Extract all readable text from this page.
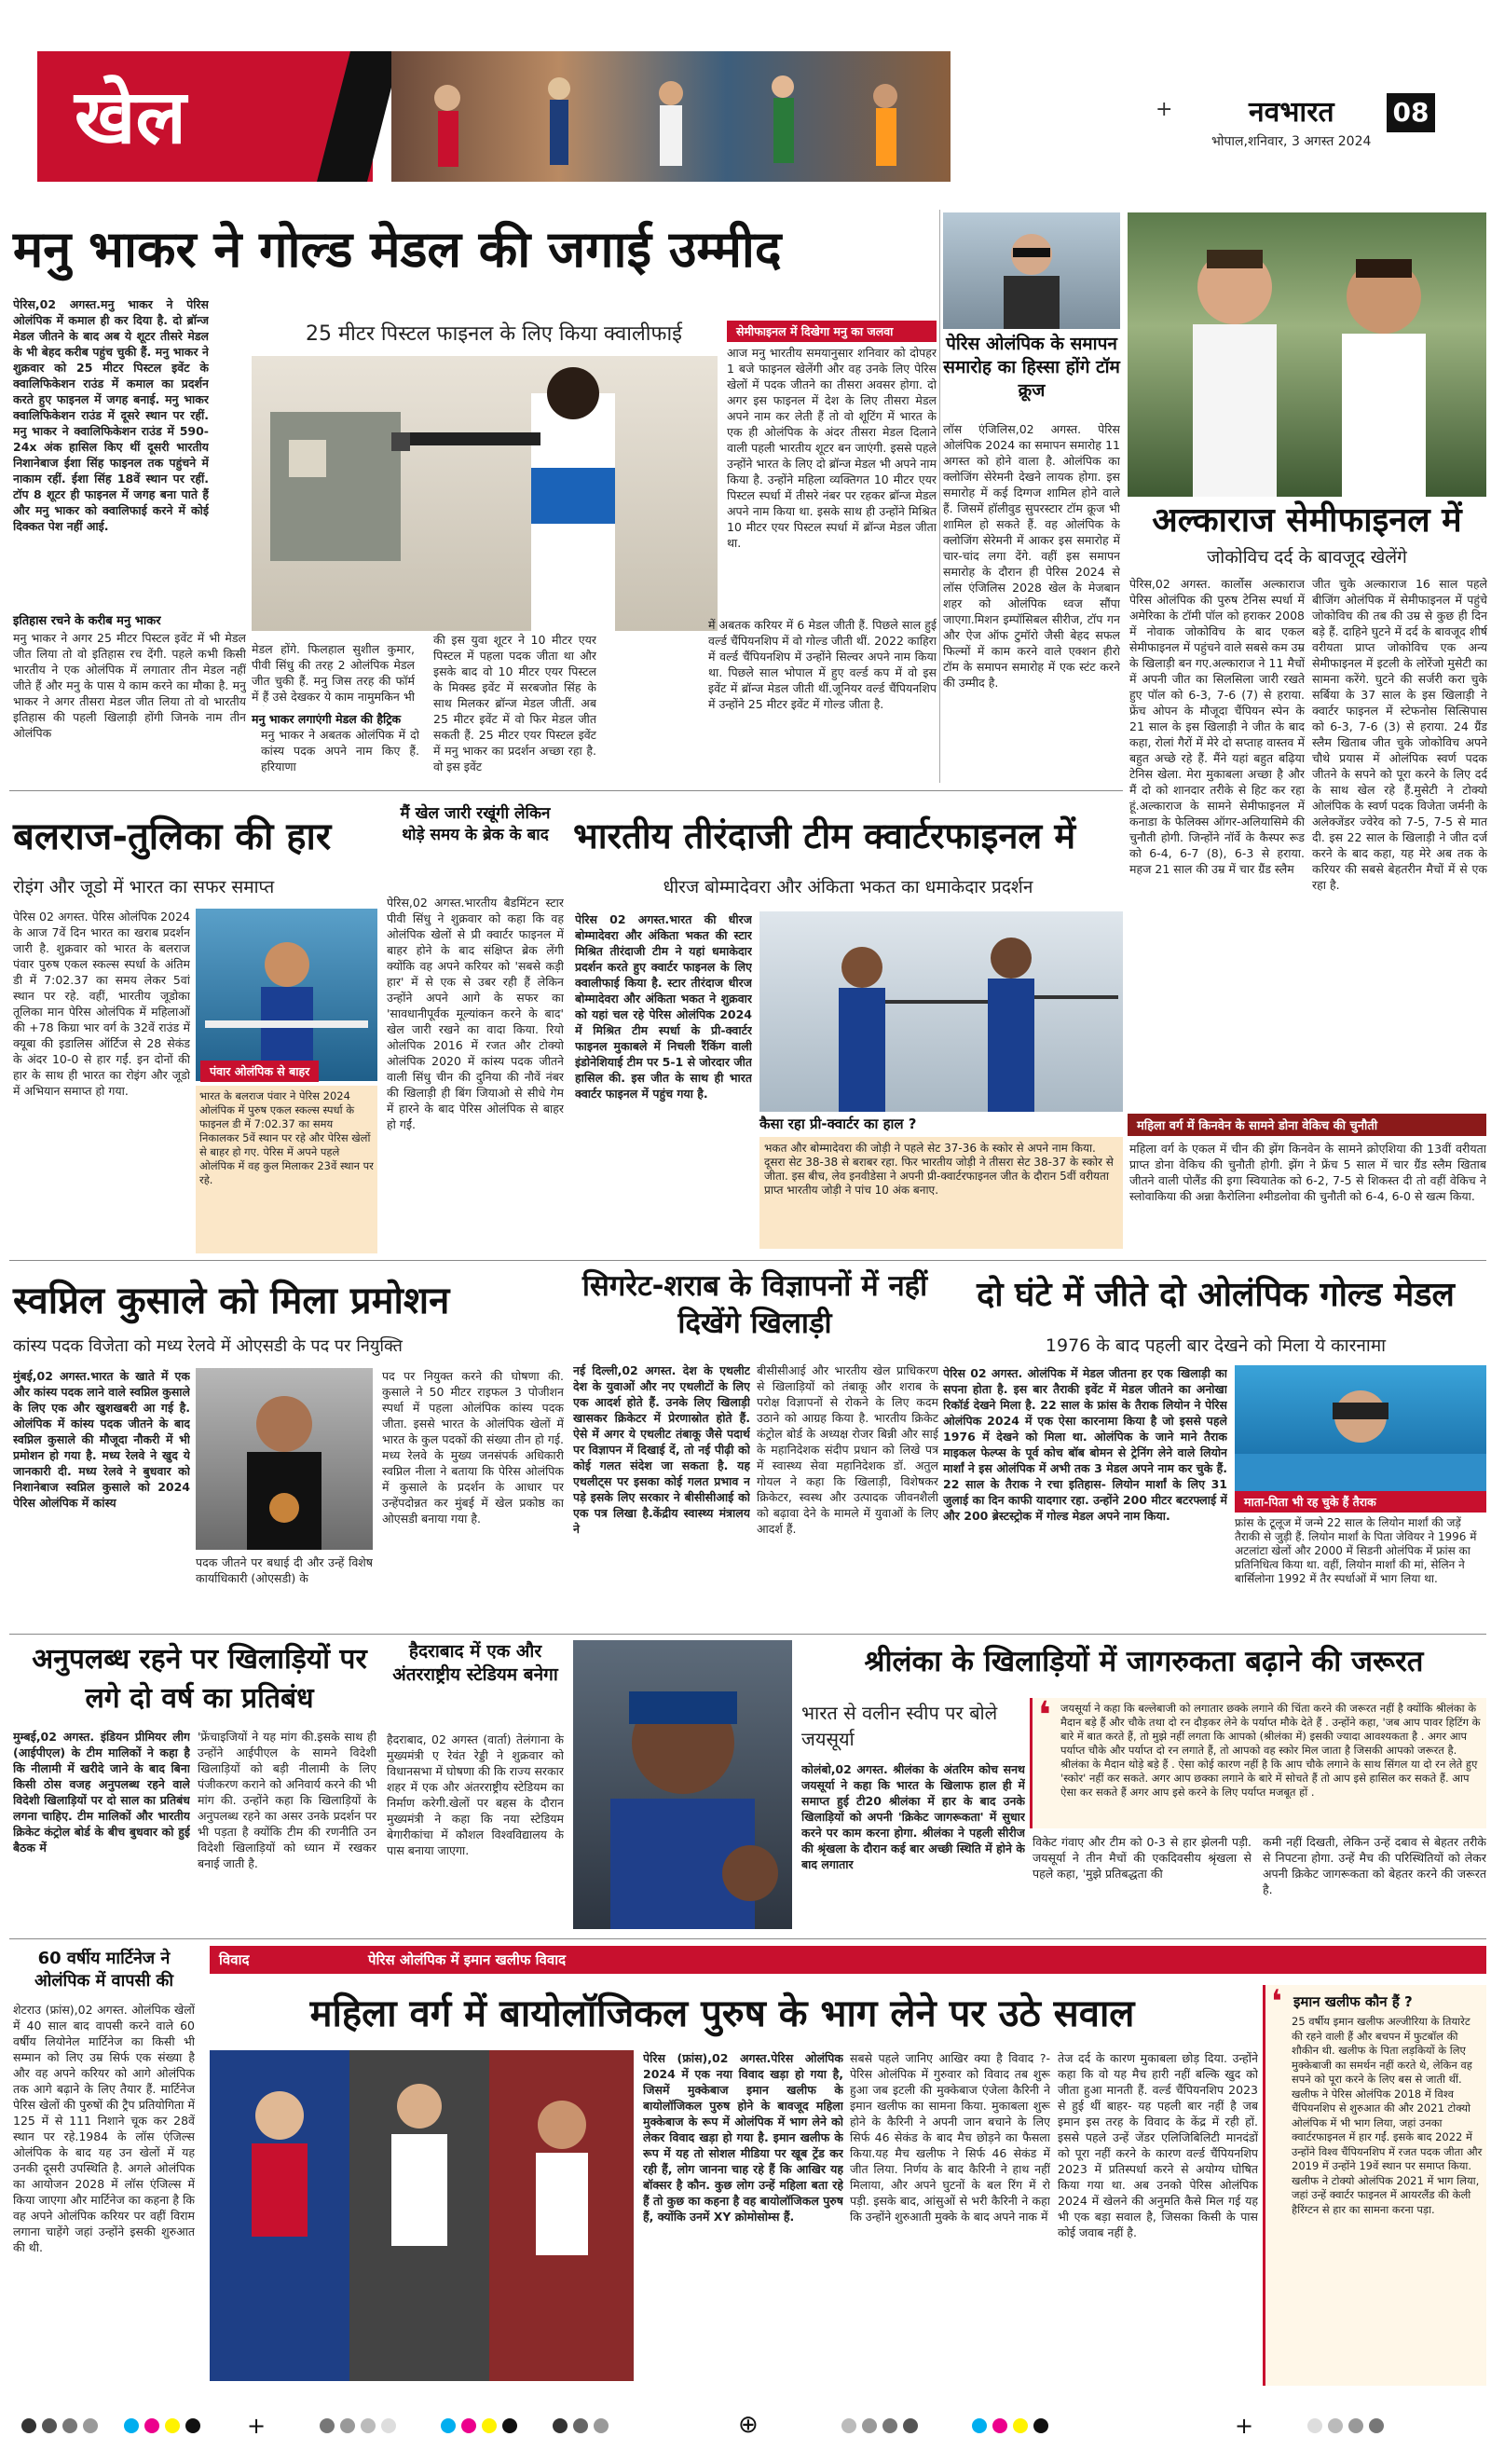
खेल	+	नवभारत 08
भोपाल,शनिवार, 3 अगस्त 2024
मनु भाकर ने गोल्ड मेडल की जगाई उम्मीद
पेरिस,02 अगस्त.मनु भाकर ने पेरिस ओलंपिक में कमाल ही कर दिया है. दो ब्रॉन्ज मेडल जीतने के बाद अब ये शूटर तीसरे मेडल के भी बेहद करीब पहुंच चुकी हैं. मनु भाकर ने शुक्रवार को 25 मीटर पिस्टल इवेंट के क्वालिफिकेशन राउंड में कमाल का प्रदर्शन करते हुए फाइनल में जगह बनाई. मनु भाकर क्वालिफिकेशन राउंड में दूसरे स्थान पर रहीं. मनु भाकर ने क्वालिफिकेशन राउंड में 590-24x अंक हासिल किए थीं दूसरी भारतीय निशानेबाज ईशा सिंह फाइनल तक पहुंचने में नाकाम रहीं. ईशा सिंह 18वें स्थान पर रहीं. टॉप 8 शूटर ही फाइनल में जगह बना पाते हैं और मनु भाकर को क्वालिफाई करने में कोई दिक्कत पेश नहीं आई.
इतिहास रचने के करीब मनु भाकर
मनु भाकर ने अगर 25 मीटर पिस्टल इवेंट में भी मेडल जीत लिया तो वो इतिहास रच देंगी. पहले कभी किसी भारतीय ने एक ओलंपिक में लगातार तीन मेडल नहीं जीते हैं और मनु के पास ये काम करने का मौका है. मनु भाकर ने अगर तीसरा मेडल जीत लिया तो वो भारतीय इतिहास की पहली खिलाड़ी होंगी जिनके नाम तीन ओलंपिक
25 मीटर पिस्टल फाइनल के लिए किया क्वालीफाई
मेडल होंगे. फिलहाल सुशील कुमार, पीवी सिंधु की तरह 2 ओलंपिक मेडल जीत चुकी हैं. मनु जिस तरह की फॉर्म में हैं उसे देखकर ये काम नामुमकिन भी
मनु भाकर लगाएंगी मेडल की हैट्रिक
मनु भाकर ने अबतक ओलंपिक में दो कांस्य पदक अपने नाम किए हैं. हरियाणा
की इस युवा शूटर ने 10 मीटर एयर पिस्टल में पहला पदक जीता था और इसके बाद वो 10 मीटर एयर पिस्टल के मिक्स्ड इवेंट में सरबजोत सिंह के साथ मिलकर ब्रॉन्ज मेडल जीतीं. अब 25 मीटर इवेंट में वो फिर मेडल जीत सकती हैं. 25 मीटर एयर पिस्टल इवेंट में मनु भाकर का प्रदर्शन अच्छा रहा है. वो इस इवेंट
में अबतक करियर में 6 मेडल जीती हैं. पिछले साल हुई वर्ल्ड चैंपियनशिप में वो गोल्ड जीती थीं. 2022 काहिरा में वर्ल्ड चैंपियनशिप में उन्होंने सिल्वर अपने नाम किया था. पिछले साल भोपाल में हुए वर्ल्ड कप में वो इस इवेंट में ब्रॉन्ज मेडल जीती थीं.जूनियर वर्ल्ड चैंपियनशिप में उन्होंने 25 मीटर इवेंट में गोल्ड जीता है.
सेमीफाइनल में दिखेगा मनु का जलवा
आज मनु भारतीय समयानुसार शनिवार को दोपहर 1 बजे फाइनल खेलेंगी और वह उनके लिए पेरिस खेलों में पदक जीतने का तीसरा अवसर होगा. दो अगर इस फाइनल में देश के लिए तीसरा मेडल अपने नाम कर लेती हैं तो वो शूटिंग में भारत के एक ही ओलंपिक के अंदर तीसरा मेडल दिलाने वाली पहली भारतीय शूटर बन जाएंगी. इससे पहले उन्होंने भारत के लिए दो ब्रॉन्ज मेडल भी अपने नाम किया है. उन्होंने महिला व्यक्तिगत 10 मीटर एयर पिस्टल स्पर्धा में तीसरे नंबर पर रहकर ब्रॉन्ज मेडल अपने नाम किया था. इसके साथ ही उन्होंने मिश्रित 10 मीटर एयर पिस्टल स्पर्धा में ब्रॉन्ज मेडल जीता था.
पेरिस ओलंपिक के समापन समारोह का हिस्सा होंगे टॉम क्रूज
लॉस एंजिलिस,02 अगस्त. पेरिस ओलंपिक 2024 का समापन समारोह 11 अगस्त को होने वाला है. ओलंपिक का क्लोजिंग सेरेमनी देखने लायक होगा. इस समारोह में कई दिग्गज शामिल होने वाले हैं. जिसमें हॉलीवुड सुपरस्टार टॉम क्रूज भी शामिल हो सकते हैं. वह ओलंपिक के क्लोजिंग सेरेमनी में आकर इस समारोह में चार-चांद लगा देंगे. वहीं इस समापन समारोह के दौरान ही पेरिस 2024 से लॉस एंजिलिस 2028 खेल के मेजबान शहर को ओलंपिक ध्वज सौंपा जाएगा.मिशन इम्पॉसिबल सीरीज, टॉप गन और ऐज ऑफ टुमॉरो जैसी बेहद सफल फिल्मों में काम करने वाले एक्शन हीरो टॉम के समापन समारोह में एक स्टंट करने की उम्मीद है.
अल्काराज सेमीफाइनल में
जोकोविच दर्द के बावजूद खेलेंगे
पेरिस,02 अगस्त. कार्लोस अल्काराज पेरिस ओलंपिक की पुरुष टेनिस स्पर्धा में अमेरिका के टॉमी पॉल को हराकर 2008 में नोवाक जोकोविच के बाद एकल सेमीफाइनल में पहुंचने वाले सबसे कम उम्र के खिलाड़ी बन गए.अल्काराज ने 11 मैचों में अपनी जीत का सिलसिला जारी रखते हुए पॉल को 6-3, 7-6 (7) से हराया. फ्रेंच ओपन के मौजूदा चैंपियन स्पेन के 21 साल के इस खिलाड़ी ने जीत के बाद कहा, रोलां गैरों में मेरे दो सप्ताह वास्तव में बहुत अच्छे रहे हैं. मैंने यहां बहुत बढ़िया टेनिस खेला. मेरा मुकाबला अच्छा है और मैं दो को शानदार तरीके से हिट कर रहा हूं.अल्काराज के सामने सेमीफाइनल में कनाडा के फेलिक्स ऑगर-अलियासिमे की चुनौती होगी. जिन्होंने नॉर्वे के कैस्पर रूड को 6-4, 6-7 (8), 6-3 से हराया. महज 21 साल की उम्र में चार ग्रैंड स्लैम
जीत चुके अल्काराज 16 साल पहले बीजिंग ओलंपिक में सेमीफाइनल में पहुंचे जोकोविच की तब की उम्र से कुछ ही दिन बड़े हैं. दाहिने घुटने में दर्द के बावजूद शीर्ष वरीयता प्राप्त जोकोविच एक अन्य सेमीफाइनल में इटली के लोरेंजो मुसेटी का सामना करेंगे. घुटने की सर्जरी करा चुके सर्बिया के 37 साल के इस खिलाड़ी ने क्वार्टर फाइनल में स्टेफनोस सित्सिपास को 6-3, 7-6 (3) से हराया. 24 ग्रैंड स्लैम खिताब जीत चुके जोकोविच अपने चौथे प्रयास में ओलंपिक स्वर्ण पदक जीतने के सपने को पूरा करने के लिए दर्द के साथ खेल रहे हैं.मुसेटी ने टोक्यो ओलंपिक के स्वर्ण पदक विजेता जर्मनी के अलेक्जेंडर ज्वेरेव को 7-5, 7-5 से मात दी. इस 22 साल के खिलाड़ी ने जीत दर्ज करने के बाद कहा, यह मेरे अब तक के करियर की सबसे बेहतरीन मैचों में से एक रहा है.
महिला वर्ग में किनवेन के सामने डोना वेकिच की चुनौती
महिला वर्ग के एकल में चीन की झेंग किनवेन के सामने क्रोएशिया की 13वीं वरीयता प्राप्त डोना वेकिच की चुनौती होगी. झेंग ने फ्रेंच 5 साल में चार ग्रैंड स्लैम खिताब जीतने वाली पोलैंड की इगा स्वियातेक को 6-2, 7-5 से शिकस्त दी तो वहीं वेकिच ने स्लोवाकिया की अन्ना कैरोलिना श्मीडलोवा की चुनौती को 6-4, 6-0 से खत्म किया.
बलराज-तुलिका की हार
रोइंग और जूडो में भारत का सफर समाप्त
पेरिस 02 अगस्त. पेरिस ओलंपिक 2024 के आज 7वें दिन भारत का खराब प्रदर्शन जारी है. शुक्रवार को भारत के बलराज पंवार पुरुष एकल स्कल्स स्पर्धा के अंतिम डी में 7:02.37 का समय लेकर 5वां स्थान पर रहे. वहीं, भारतीय जूडोका तूलिका मान पेरिस ओलंपिक में महिलाओं की +78 किग्रा भार वर्ग के 32वें राउंड में क्यूबा की इडालिस ऑर्टिज से 28 सेकंड के अंदर 10-0 से हार गईं. इन दोनों की हार के साथ ही भारत का रोइंग और जूडो में अभियान समाप्त हो गया.
पंवार ओलंपिक से बाहर
भारत के बलराज पंवार ने पेरिस 2024 ओलंपिक में पुरुष एकल स्कल्स स्पर्धा के फाइनल डी में 7:02.37 का समय निकालकर 5वें स्थान पर रहे और पेरिस खेलों से बाहर हो गए. पेरिस में अपने पहले ओलंपिक में वह कुल मिलाकर 23वें स्थान पर रहे.
मैं खेल जारी रखूंगी लेकिन थोड़े समय के ब्रेक के बाद
पेरिस,02 अगस्त.भारतीय बैडमिंटन स्टार पीवी सिंधु ने शुक्रवार को कहा कि वह ओलंपिक खेलों से प्री क्वार्टर फाइनल में बाहर होने के बाद संक्षिप्त ब्रेक लेंगी क्योंकि वह अपने करियर को 'सबसे कड़ी हार' में से एक से उबर रही हैं लेकिन उन्होंने अपने आगे के सफर का 'सावधानीपूर्वक मूल्यांकन करने के बाद' खेल जारी रखने का वादा किया. रियो ओलंपिक 2016 में रजत और टोक्यो ओलंपिक 2020 में कांस्य पदक जीतने वाली सिंधु चीन की दुनिया की नौवें नंबर की खिलाड़ी ही बिंग जियाओ से सीधे गेम में हारने के बाद पेरिस ओलंपिक से बाहर हो गईं.
भारतीय तीरंदाजी टीम क्वार्टरफाइनल में
धीरज बोम्मादेवरा और अंकिता भकत का धमाकेदार प्रदर्शन
पेरिस 02 अगस्त.भारत की धीरज बोम्मादेवरा और अंकिता भकत की स्टार मिश्रित तीरंदाजी टीम ने यहां धमाकेदार प्रदर्शन करते हुए क्वार्टर फाइनल के लिए क्वालीफाई किया है. स्टार तीरंदाज धीरज बोम्मादेवरा और अंकिता भकत ने शुक्रवार को यहां चल रहे पेरिस ओलंपिक 2024 में मिश्रित टीम स्पर्धा के प्री-क्वार्टर फाइनल मुकाबले में निचली रैंकिंग वाली इंडोनेशियाई टीम पर 5-1 से जोरदार जीत हासिल की. इस जीत के साथ ही भारत क्वार्टर फाइनल में पहुंच गया है.
कैसा रहा प्री-क्वार्टर का हाल ?
भकत और बोम्मादेवरा की जोड़ी ने पहले सेट 37-36 के स्कोर से अपने नाम किया. दूसरा सेट 38-38 से बराबर रहा. फिर भारतीय जोड़ी ने तीसरा सेट 38-37 के स्कोर से जीता. इस बीच, लेव इनवीडेसा ने अपनी प्री-क्वार्टरफाइनल जीत के दौरान 5वीं वरीयता प्राप्त भारतीय जोड़ी ने पांच 10 अंक बनाए.
स्वप्निल कुसाले को मिला प्रमोशन
कांस्य पदक विजेता को मध्य रेलवे में ओएसडी के पद पर नियुक्ति
मुंबई,02 अगस्त.भारत के खाते में एक और कांस्य पदक लाने वाले स्वप्निल कुसाले के लिए एक और खुशखबरी आ गई है. ओलंपिक में कांस्य पदक जीतने के बाद स्वप्निल कुसाले की मौजूदा नौकरी में भी प्रमोशन हो गया है. मध्य रेलवे ने खुद ये जानकारी दी. मध्य रेलवे ने बुधवार को निशानेबाज स्वप्निल कुसाले को 2024 पेरिस ओलंपिक में कांस्य
पदक जीतने पर बधाई दी और उन्हें विशेष कार्याधिकारी (ओएसडी) के
पद पर नियुक्त करने की घोषणा की. कुसाले ने 50 मीटर राइफल 3 पोजीशन स्पर्धा में पहला ओलंपिक कांस्य पदक जीता. इससे भारत के ओलंपिक खेलों में भारत के कुल पदकों की संख्या तीन हो गई. मध्य रेलवे के मुख्य जनसंपर्क अधिकारी स्वप्निल नीला ने बताया कि पेरिस ओलंपिक में कुसाले के प्रदर्शन के आधार पर उन्हेंपदोन्नत कर मुंबई में खेल प्रकोष्ठ का ओएसडी बनाया गया है.
सिगरेट-शराब के विज्ञापनों में नहीं दिखेंगे खिलाड़ी
नई दिल्ली,02 अगस्त. देश के एथलीट देश के युवाओं और नए एथलीटों के लिए एक आदर्श होते हैं. उनके लिए खिलाड़ी खासकर क्रिकेटर में प्रेरणास्रोत होते हैं. ऐसे में अगर ये एथलीट तंबाकू जैसे पदार्थ पर विज्ञापन में दिखाई दें, तो नई पीढ़ी को कोई गलत संदेश जा सकता है. यह एथलीट्स पर इसका कोई गलत प्रभाव न पड़े इसके लिए सरकार ने बीसीसीआई को एक पत्र लिखा है.केंद्रीय स्वास्थ्य मंत्रालय ने
बीसीसीआई और भारतीय खेल प्राधिकरण से खिलाड़ियों को तंबाकू और शराब के परोक्ष विज्ञापनों से रोकने के लिए कदम उठाने को आग्रह किया है. भारतीय क्रिकेट कंट्रोल बोर्ड के अध्यक्ष रोजर बिन्नी और साई के महानिदेशक संदीप प्रधान को लिखे पत्र में स्वास्थ्य सेवा महानिदेशक डॉ. अतुल गोयल ने कहा कि खिलाड़ी, विशेषकर क्रिकेटर, स्वस्थ और उत्पादक जीवनशैली को बढ़ावा देने के मामले में युवाओं के लिए आदर्श हैं.
दो घंटे में जीते दो ओलंपिक गोल्ड मेडल
1976 के बाद पहली बार देखने को मिला ये कारनामा
पेरिस 02 अगस्त. ओलंपिक में मेडल जीतना हर एक खिलाड़ी का सपना होता है. इस बार तैराकी इवेंट में मेडल जीतने का अनोखा रिकॉर्ड देखने मिला है. 22 साल के फ्रांस के तैराक लियोन ने पेरिस ओलंपिक 2024 में एक ऐसा कारनामा किया है जो इससे पहले 1976 में देखने को मिला था. ओलंपिक के जाने माने तैराक माइकल फेल्प्स के पूर्व कोच बॉब बोमन से ट्रेनिंग लेने वाले लियोन मार्शां ने इस ओलंपिक में अभी तक 3 मेडल अपने नाम कर चुके हैं. 22 साल के तैराक ने रचा इतिहास- लियोन मार्शां के लिए 31 जुलाई का दिन काफी यादगार रहा. उन्होंने 200 मीटर बटरफ्लाई में और 200 ब्रेस्टस्ट्रोक में गोल्ड मेडल अपने नाम किया.
माता-पिता भी रह चुके हैं तैराक
फ्रांस के टूलूज में जन्मे 22 साल के लियोन मार्शां की जड़ें तैराकी से जुड़ी हैं. लियोन मार्शां के पिता जेवियर ने 1996 में अटलांटा खेलों और 2000 में सिडनी ओलंपिक में फ्रांस का प्रतिनिधित्व किया था. वहीं, लियोन मार्शां की मां, सेलिन ने बार्सिलोना 1992 में तैर स्पर्धाओं में भाग लिया था.
अनुपलब्ध रहने पर खिलाड़ियों पर लगे दो वर्ष का प्रतिबंध
मुम्बई,02 अगस्त. इंडियन प्रीमियर लीग (आईपीएल) के टीम मालिकों ने कहा है कि नीलामी में खरीदे जाने के बाद बिना किसी ठोस वजह अनुपलब्ध रहने वाले विदेशी खिलाड़ियों पर दो साल का प्रतिबंध लगना चाहिए. टीम मालिकों और भारतीय क्रिकेट कंट्रोल बोर्ड के बीच बुधवार को हुई बैठक में
'फ्रेंचाइजियों ने यह मांग की.इसके साथ ही उन्होंने आईपीएल के सामने विदेशी खिलाड़ियों को बड़ी नीलामी के लिए पंजीकरण कराने को अनिवार्य करने की भी मांग की. उन्होंने कहा कि खिलाड़ियों के अनुपलब्ध रहने का असर उनके प्रदर्शन पर भी पड़ता है क्योंकि टीम की रणनीति उन विदेशी खिलाड़ियों को ध्यान में रखकर बनाई जाती है.
हैदराबाद में एक और अंतरराष्ट्रीय स्टेडियम बनेगा
हैदराबाद, 02 अगस्त (वार्ता) तेलंगाना के मुख्यमंत्री ए रेवंत रेड्डी ने शुक्रवार को विधानसभा में घोषणा की कि राज्य सरकार शहर में एक और अंतरराष्ट्रीय स्टेडियम का निर्माण करेगी.खेलों पर बहस के दौरान मुख्यमंत्री ने कहा कि नया स्टेडियम बेगारीकांचा में कौशल विश्वविद्यालय के पास बनाया जाएगा.
श्रीलंका के खिलाड़ियों में जागरुकता बढ़ाने की जरूरत
भारत से वलीन स्वीप पर बोले जयसूर्या
कोलंबो,02 अगस्त. श्रीलंका के अंतरिम कोच सनथ जयसूर्या ने कहा कि भारत के खिलाफ हाल ही में समाप्त हुई टी20 श्रीलंका में हार के बाद उनके खिलाड़ियों को अपनी 'क्रिकेट जागरूकता' में सुधार करने पर काम करना होगा. श्रीलंका ने पहली सीरीज की श्रृंखला के दौरान कई बार अच्छी स्थिति में होने के बाद लगातार
❛ जयसूर्या ने कहा कि बल्लेबाजी को लगातार छक्के लगाने की चिंता करने की जरूरत नहीं है क्योंकि श्रीलंका के मैदान बड़े हैं और चौके तथा दो रन दौड़कर लेने के पर्याप्त मौके देते हैं . उन्होंने कहा, 'जब आप पावर हिटिंग के बारे में बात करते हैं, तो मुझे नहीं लगता कि आपको (श्रीलंका में) इसकी ज्यादा आवश्यकता है . अगर आप पर्याप्त चौके और पर्याप्त दो रन लगाते हैं, तो आपको वह स्कोर मिल जाता है जिसकी आपको जरूरत है. श्रीलंका के मैदान थोड़े बड़े हैं . ऐसा कोई कारण नहीं है कि आप चौके लगाने के साथ सिंगल या दो रन लेते हुए 'स्कोर' नहीं कर सकते. अगर आप छक्का लगाने के बारे में सोचते हैं तो आप इसे हासिल कर सकते हैं. आप ऐसा कर सकते हैं अगर आप इसे करने के लिए पर्याप्त मजबूत हों .
विकेट गंवाए और टीम को 0-3 से हार झेलनी पड़ी. जयसूर्या ने तीन मैचों की एकदिवसीय श्रृंखला से पहले कहा, 'मुझे प्रतिबद्धता की
कमी नहीं दिखती, लेकिन उन्हें दबाव से बेहतर तरीके से निपटना होगा. उन्हें मैच की परिस्थितियों को लेकर अपनी क्रिकेट जागरूकता को बेहतर करने की जरूरत है.
60 वर्षीय मार्टिनेज ने ओलंपिक में वापसी की
शेटराउ (फ्रांस),02 अगस्त. ओलंपिक खेलों में 40 साल बाद वापसी करने वाले 60 वर्षीय लियोनेल मार्टिनेज का किसी भी सम्मान को लिए उम्र सिर्फ एक संख्या है और वह अपने करियर को आगे ओलंपिक तक आगे बढ़ाने के लिए तैयार हैं. मार्टिनेज पेरिस खेलों की पुरुषों की ट्रैप प्रतियोगिता में 125 में से 111 निशाने चूक कर 28वें स्थान पर रहे.1984 के लॉस एंजिल्स ओलंपिक के बाद यह उन खेलों में यह उनकी दूसरी उपस्थिति है. अगले ओलंपिक का आयोजन 2028 में लॉस एंजिल्स में किया जाएगा और मार्टिनेज का कहना है कि वह अपने ओलंपिक करियर पर वहीं विराम लगाना चाहेंगे जहां उन्होंने इसकी शुरुआत की थी.
विवाद	पेरिस ओलंपिक में इमान खलीफ विवाद
महिला वर्ग में बायोलॉजिकल पुरुष के भाग लेने पर उठे सवाल
पेरिस (फ्रांस),02 अगस्त.पेरिस ओलंपिक 2024 में एक नया विवाद खड़ा हो गया है, जिसमें मुक्केबाज इमान खलीफ के बायोलॉजिकल पुरुष होने के बावजूद महिला मुक्केबाज के रूप में ओलंपिक में भाग लेने को लेकर विवाद खड़ा हो गया है. इमान खलीफ के रूप में यह तो सोशल मीडिया पर खूब ट्रेंड कर रही हैं, लोग जानना चाह रहे हैं कि आखिर यह बॉक्सर है कौन. कुछ लोग उन्हें महिला बता रहे हैं तो कुछ का कहना है वह बायोलॉजिकल पुरुष हैं, क्योंकि उनमें XY क्रोमोसोम्स हैं.
सबसे पहले जानिए आखिर क्या है विवाद ?- पेरिस ओलंपिक में गुरुवार को विवाद तब शुरू हुआ जब इटली की मुक्केबाज एंजेला कैरिनी ने इमान खलीफ का सामना किया. मुकाबला शुरू होने के कैरिनी ने अपनी जान बचाने के लिए सिर्फ 46 सेकंड के बाद मैच छोड़ने का फैसला किया.यह मैच खलीफ ने सिर्फ 46 सेकंड में जीत लिया. निर्णय के बाद कैरिनी ने हाथ नहीं मिलाया, और अपने घुटनों के बल रिंग में रो पड़ी. इसके बाद, आंसुओं से भरी कैरिनी ने कहा कि उन्होंने शुरुआती मुक्के के बाद अपने नाक में
तेज दर्द के कारण मुकाबला छोड़ दिया. उन्होंने कहा कि वो यह मैच हारी नहीं बल्कि खुद को जीता हुआ मानती हैं. वर्ल्ड चैंपियनशिप 2023 से हुई थीं बाहर- यह पहली बार नहीं है जब इमान इस तरह के विवाद के केंद्र में रही हों. इससे पहले उन्हें जेंडर एलिजिबिलिटी मानदंडों को पूरा नहीं करने के कारण वर्ल्ड चैंपियनशिप 2023 में प्रतिस्पर्धा करने से अयोग्य घोषित किया गया था. अब उनको पेरिस ओलंपिक 2024 में खेलने की अनुमति कैसे मिल गई यह भी एक बड़ा सवाल है, जिसका किसी के पास कोई जवाब नहीं है.
❛ इमान खलीफ कौन हैं ?
25 वर्षीय इमान खलीफ अल्जीरिया के तियारेट की रहने वाली हैं और बचपन में फुटबॉल की शौकीन थी. खलीफ के पिता लड़कियों के लिए मुक्केबाजी का समर्थन नहीं करते थे, लेकिन वह सपने को पूरा करने के लिए बस से जाती थीं. खलीफ ने पेरिस ओलंपिक 2018 में विश्व चैंपियनशिप से शुरुआत की और 2021 टोक्यो ओलंपिक में भी भाग लिया, जहां उनका क्वार्टरफाइनल में हार गईं. इसके बाद 2022 में उन्होंने विश्व चैंपियनशिप में रजत पदक जीता और 2019 में उन्होंने 19वें स्थान पर समाप्त किया. खलीफ ने टोक्यो ओलंपिक 2021 में भाग लिया, जहां उन्हें क्वार्टर फाइनल में आयरलैंड की केली हैरिंग्टन से हार का सामना करना पड़ा.
+	⊕	+
